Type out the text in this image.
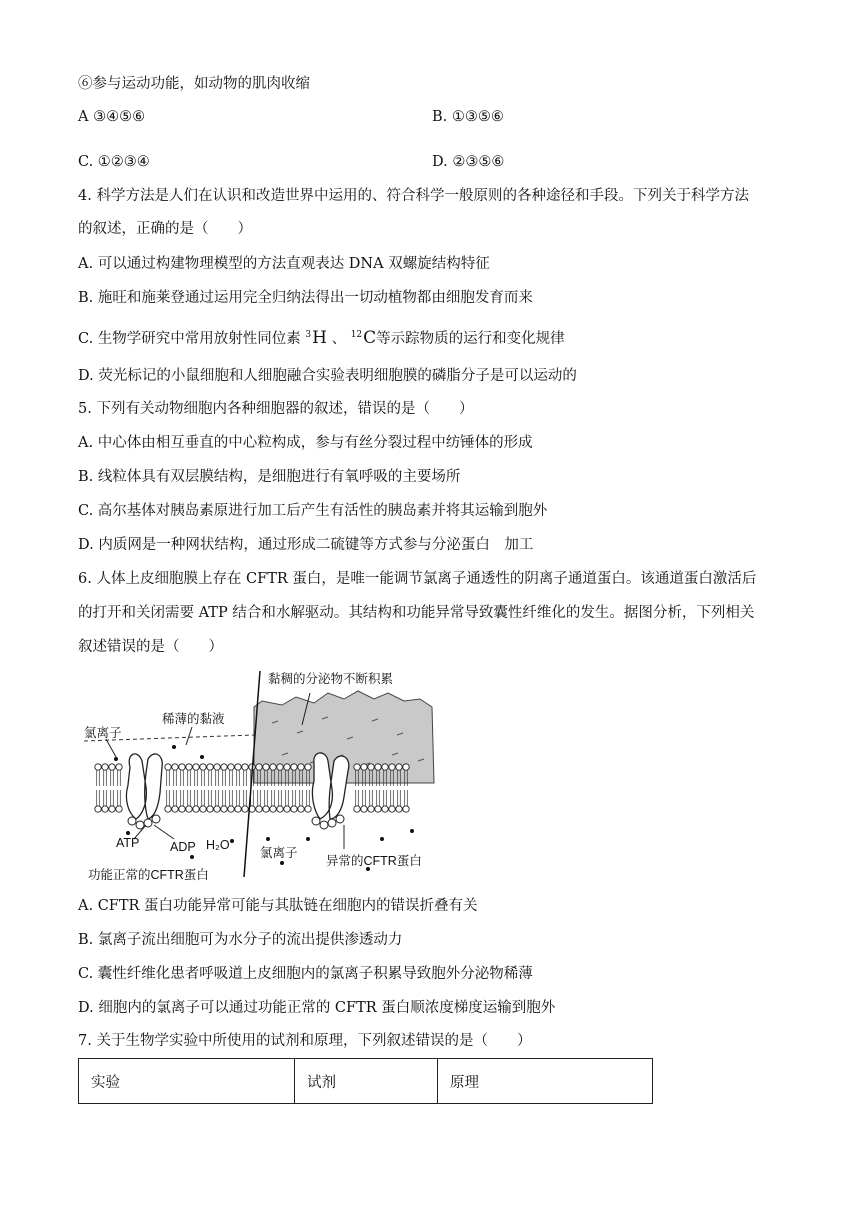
⑥参与运动功能，如动物的肌肉收缩
A ③④⑤⑥	B. ①③⑤⑥
C. ①②③④	D. ②③⑤⑥
4. 科学方法是人们在认识和改造世界中运用的、符合科学一般原则的各种途径和手段。下列关于科学方法
的叙述，正确的是（　　）
A. 可以通过构建物理模型的方法直观表达 DNA 双螺旋结构特征
B. 施旺和施莱登通过运用完全归纳法得出一切动植物都由细胞发育而来
C. 生物学研究中常用放射性同位素 $^3$H 、 $^{12}$C等示踪物质的运行和变化规律
D. 荧光标记的小鼠细胞和人细胞融合实验表明细胞膜的磷脂分子是可以运动的
5. 下列有关动物细胞内各种细胞器的叙述，错误的是（　　）
A. 中心体由相互垂直的中心粒构成，参与有丝分裂过程中纺锤体的形成
B. 线粒体具有双层膜结构，是细胞进行有氧呼吸的主要场所
C. 高尔基体对胰岛素原进行加工后产生有活性的胰岛素并将其运输到胞外
D. 内质网是一种网状结构，通过形成二硫键等方式参与分泌蛋白　加工
6. 人体上皮细胞膜上存在 CFTR 蛋白，是唯一能调节氯离子通透性的阴离子通道蛋白。该通道蛋白激活后
的打开和关闭需要 ATP 结合和水解驱动。其结构和功能异常导致囊性纤维化的发生。据图分析，下列相关
叙述错误的是（　　）
黏稠的分泌物不断积累
稀薄的黏液
氯离子
ATP ADP H₂O
氯离子
功能正常的CFTR蛋白
异常的CFTR蛋白
A. CFTR 蛋白功能异常可能与其肽链在细胞内的错误折叠有关
B. 氯离子流出细胞可为水分子的流出提供渗透动力
C. 囊性纤维化患者呼吸道上皮细胞内的氯离子积累导致胞外分泌物稀薄
D. 细胞内的氯离子可以通过功能正常的 CFTR 蛋白顺浓度梯度运输到胞外
7. 关于生物学实验中所使用的试剂和原理，下列叙述错误的是（　　）
实验	试剂	原理
